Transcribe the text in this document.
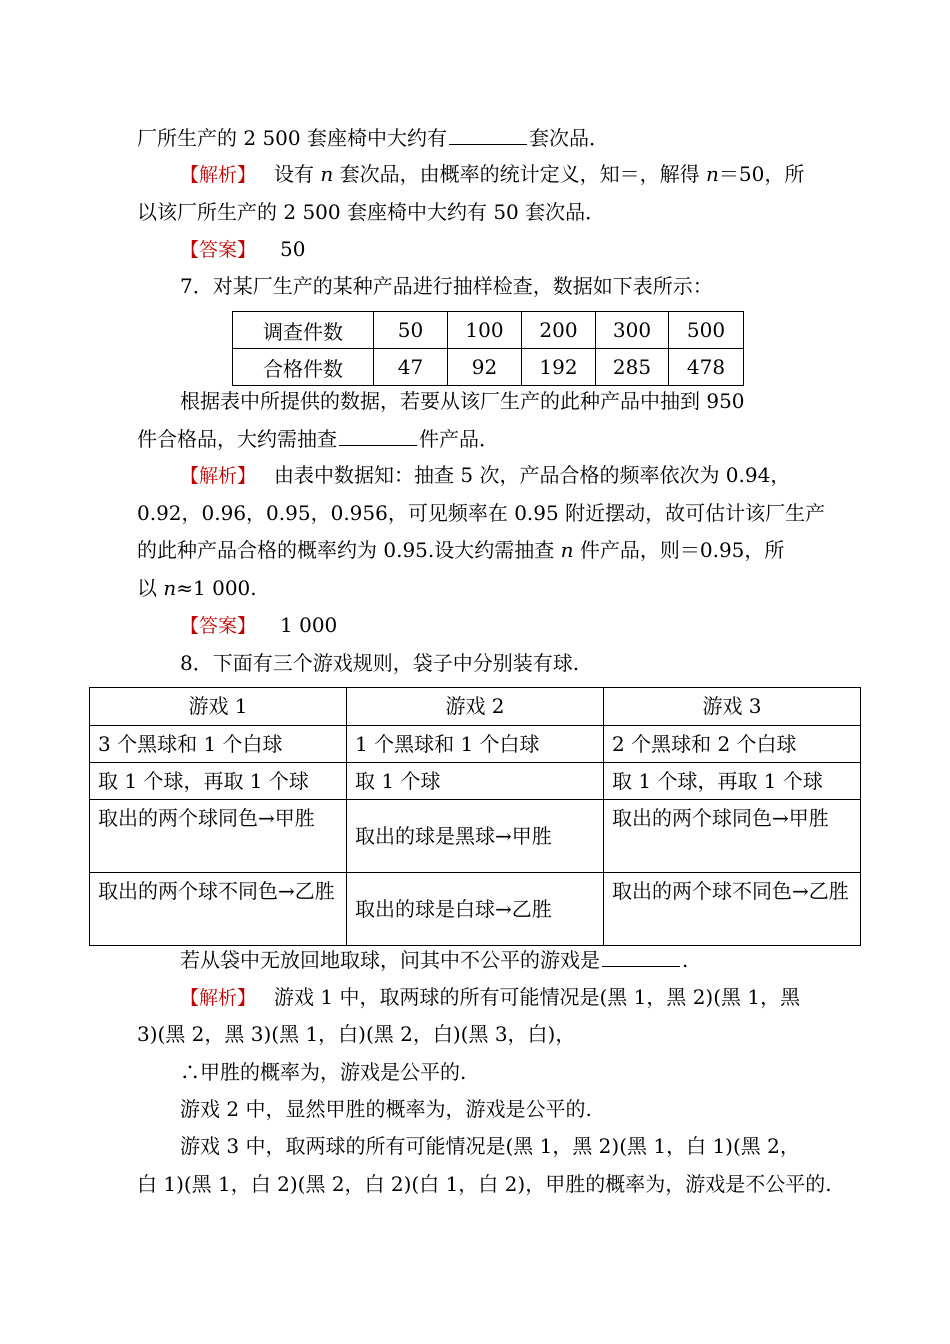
厂所生产的 2 500 套座椅中大约有	套次品．
【解析】 设有 n 套次品，由概率的统计定义，知＝，解得 n＝50，所
以该厂所生产的 2 500 套座椅中大约有 50 套次品．
【答案】 50
7．对某厂生产的某种产品进行抽样检查，数据如下表所示：
调查件数	50	100	200	300	500
合格件数	47	92	192	285	478
根据表中所提供的数据，若要从该厂生产的此种产品中抽到 950
件合格品，大约需抽查	件产品．
【解析】 由表中数据知：抽查 5 次，产品合格的频率依次为 0.94，
0.92，0.96，0.95，0.956，可见频率在 0.95 附近摆动，故可估计该厂生产
的此种产品合格的概率约为 0.95.设大约需抽查 n 件产品，则＝0.95，所
以 n≈1 000.
【答案】 1 000
8．下面有三个游戏规则，袋子中分别装有球.
游戏 1	游戏 2	游戏 3
3 个黑球和 1 个白球	1 个黑球和 1 个白球	2 个黑球和 2 个白球
取 1 个球，再取 1 个球	取 1 个球	取 1 个球，再取 1 个球
取出的两个球同色→甲胜	取出的球是黑球→甲胜	取出的两个球同色→甲胜
取出的两个球不同色→乙胜	取出的球是白球→乙胜	取出的两个球不同色→乙胜
若从袋中无放回地取球，问其中不公平的游戏是	.
【解析】 游戏 1 中，取两球的所有可能情况是(黑 1，黑 2)(黑 1，黑
3)(黑 2，黑 3)(黑 1，白)(黑 2，白)(黑 3，白)，
∴甲胜的概率为，游戏是公平的.
游戏 2 中，显然甲胜的概率为，游戏是公平的.
游戏 3 中，取两球的所有可能情况是(黑 1，黑 2)(黑 1，白 1)(黑 2，
白 1)(黑 1，白 2)(黑 2，白 2)(白 1，白 2)，甲胜的概率为，游戏是不公平的.
